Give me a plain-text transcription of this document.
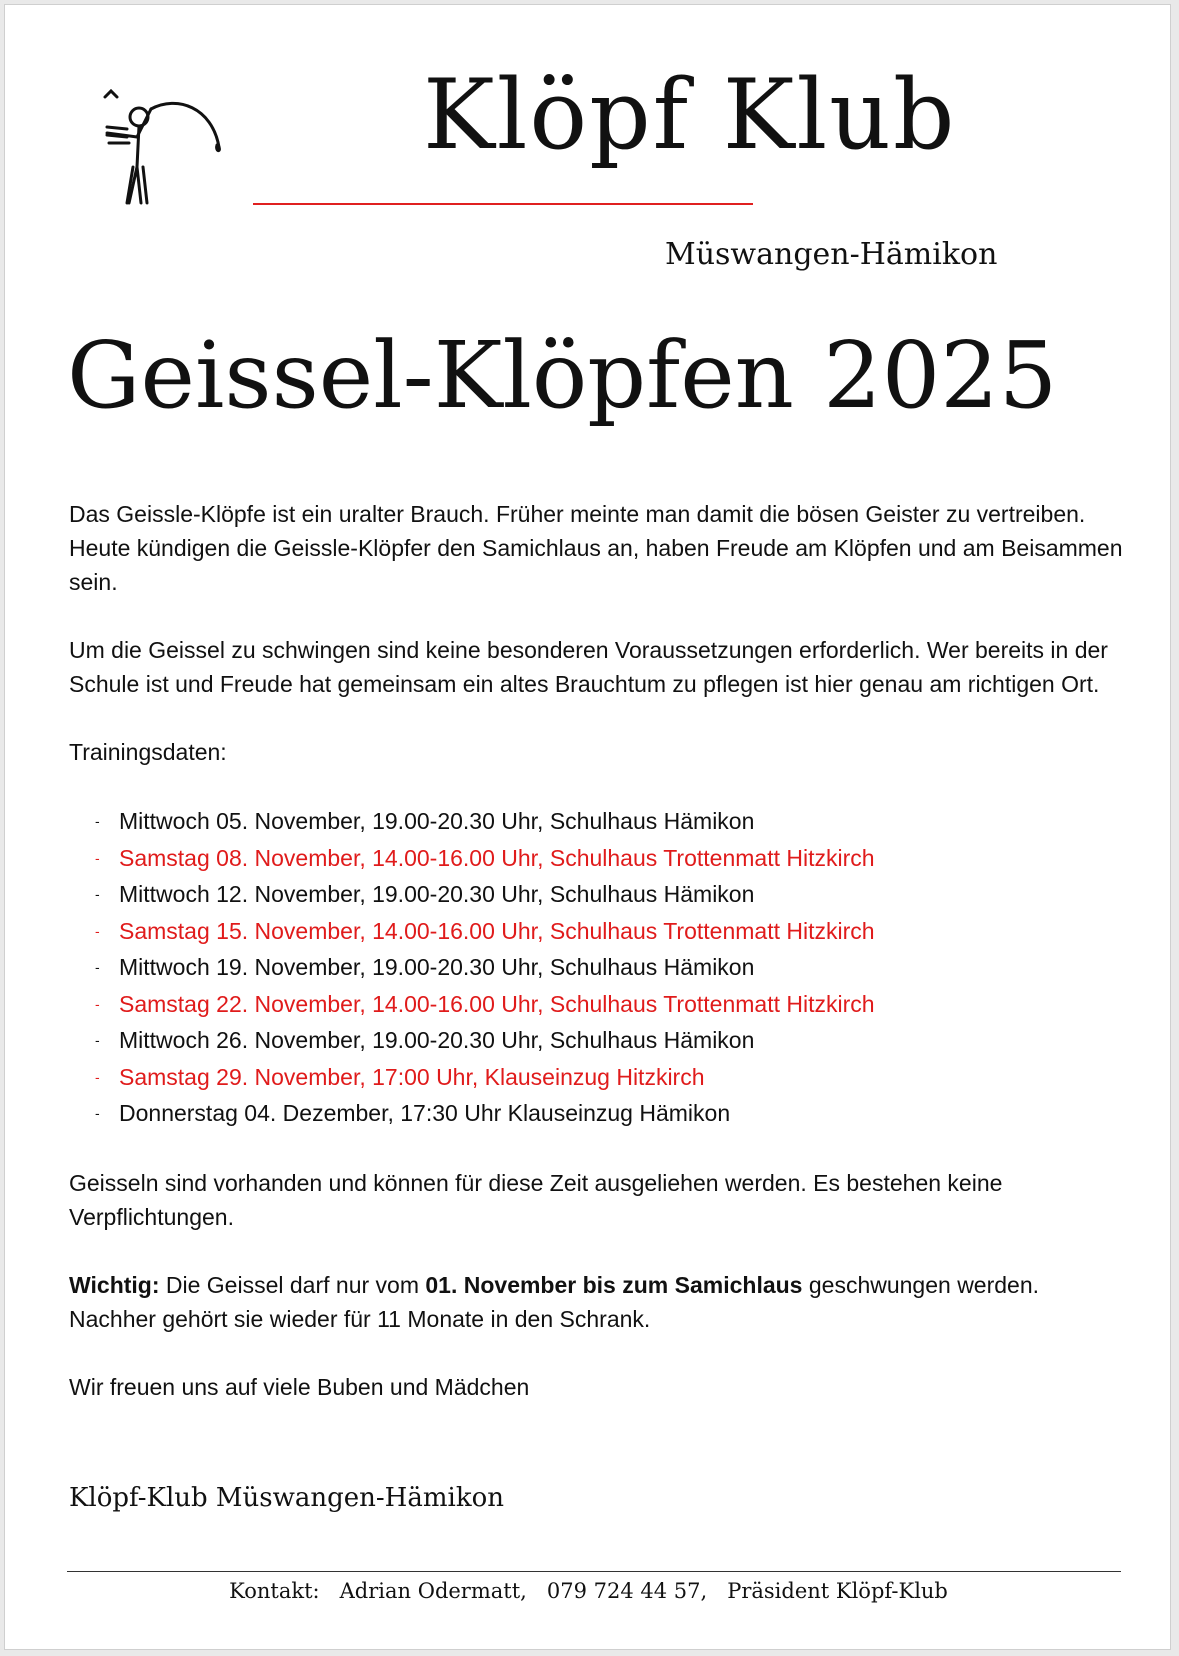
Klöpf Klub
Müswangen-Hämikon
Geissel-Klöpfen 2025

Das Geissle-Klöpfe ist ein uralter Brauch. Früher meinte man damit die bösen Geister zu vertreiben. Heute kündigen die Geissle-Klöpfer den Samichlaus an, haben Freude am Klöpfen und am Beisammen sein.

Um die Geissel zu schwingen sind keine besonderen Voraussetzungen erforderlich. Wer bereits in der Schule ist und Freude hat gemeinsam ein altes Brauchtum zu pflegen ist hier genau am richtigen Ort.

Trainingsdaten:

- Mittwoch 05. November, 19.00-20.30 Uhr, Schulhaus Hämikon
- Samstag 08. November, 14.00-16.00 Uhr, Schulhaus Trottenmatt Hitzkirch
- Mittwoch 12. November, 19.00-20.30 Uhr, Schulhaus Hämikon
- Samstag 15. November, 14.00-16.00 Uhr, Schulhaus Trottenmatt Hitzkirch
- Mittwoch 19. November, 19.00-20.30 Uhr, Schulhaus Hämikon
- Samstag 22. November, 14.00-16.00 Uhr, Schulhaus Trottenmatt Hitzkirch
- Mittwoch 26. November, 19.00-20.30 Uhr, Schulhaus Hämikon
- Samstag 29. November, 17:00 Uhr, Klauseinzug Hitzkirch
- Donnerstag 04. Dezember, 17:30 Uhr Klauseinzug Hämikon

Geisseln sind vorhanden und können für diese Zeit ausgeliehen werden. Es bestehen keine Verpflichtungen.

Wichtig: Die Geissel darf nur vom 01. November bis zum Samichlaus geschwungen werden. Nachher gehört sie wieder für 11 Monate in den Schrank.

Wir freuen uns auf viele Buben und Mädchen

Klöpf-Klub Müswangen-Hämikon
Kontakt:   Adrian Odermatt,   079 724 44 57,   Präsident Klöpf-Klub
